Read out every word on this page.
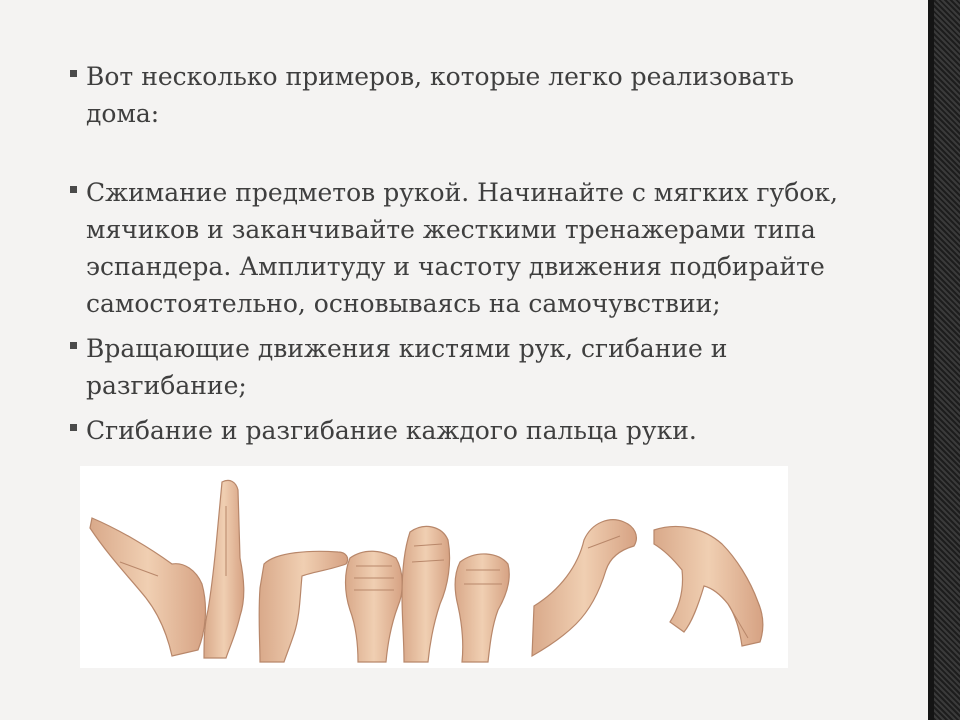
Вот несколько примеров, которые легко реализовать дома:
Сжимание предметов рукой. Начинайте с мягких губок, мячиков и заканчивайте жесткими тренажерами типа эспандера. Амплитуду и частоту движения подбирайте самостоятельно, основываясь на самочувствии;
Вращающие движения кистями рук, сгибание и разгибание;
Сгибание и разгибание каждого пальца руки.
